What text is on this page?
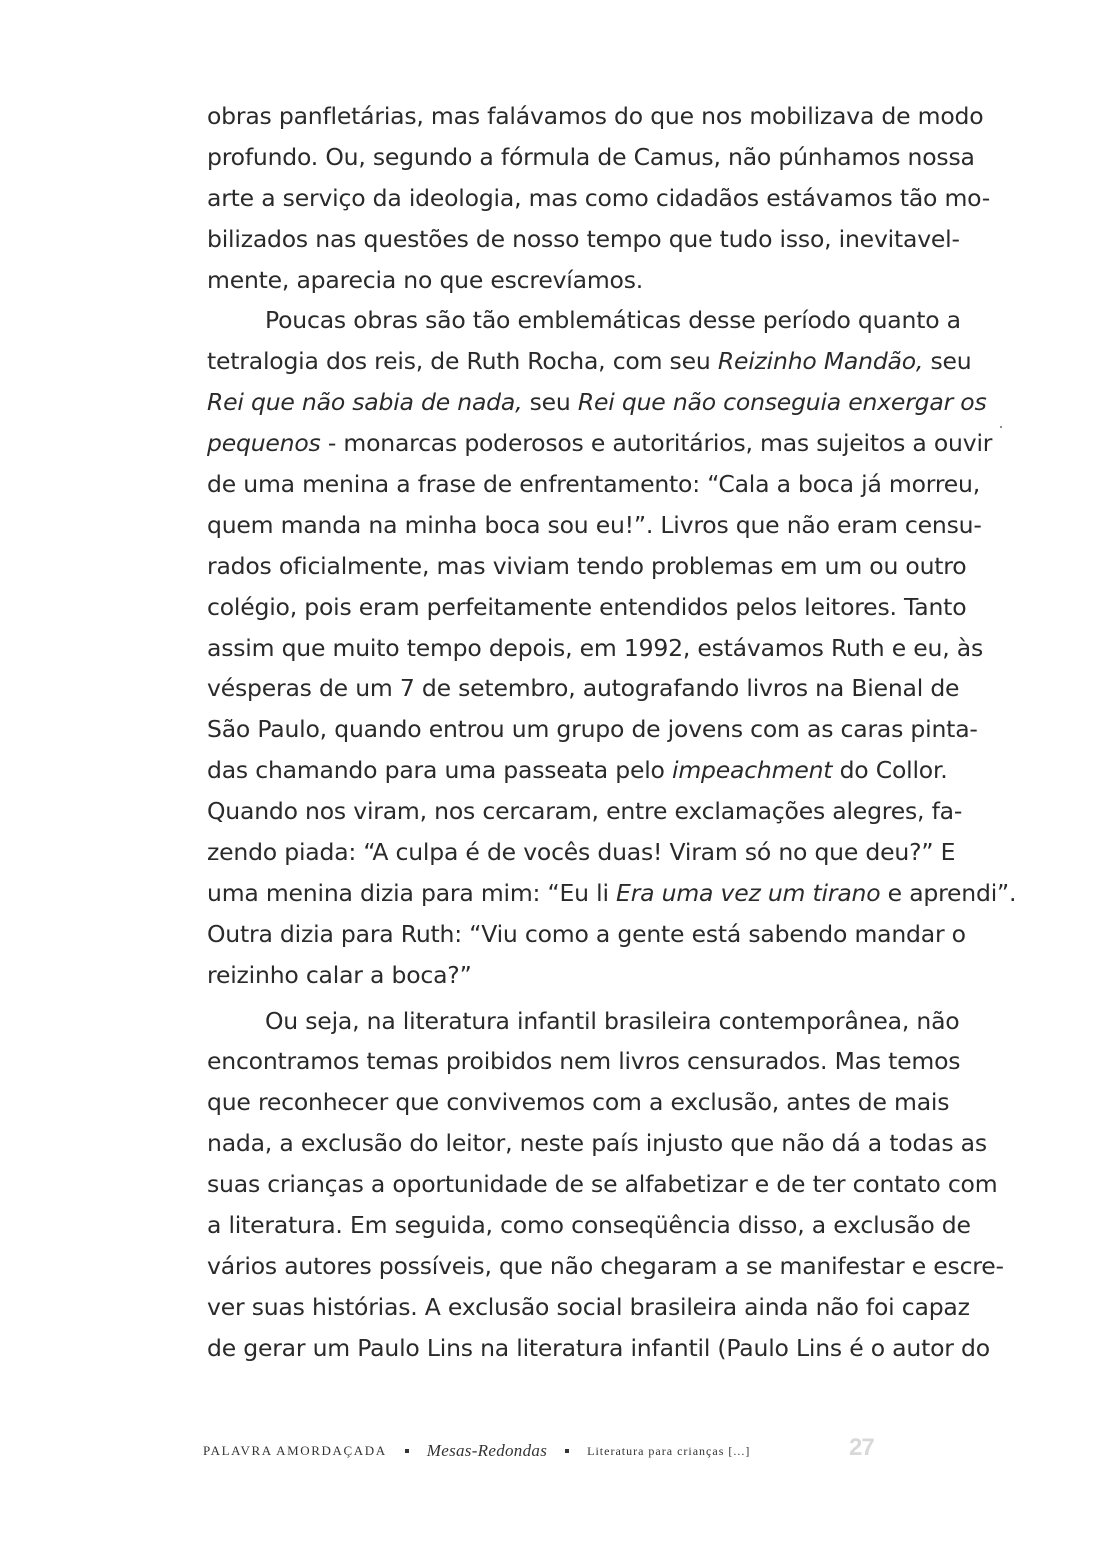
obras panfletárias, mas falávamos do que nos mobilizava de modo
profundo. Ou, segundo a fórmula de Camus, não púnhamos nossa
arte a serviço da ideologia, mas como cidadãos estávamos tão mo-
bilizados nas questões de nosso tempo que tudo isso, inevitavel-
mente, aparecia no que escrevíamos.
Poucas obras são tão emblemáticas desse período quanto a
tetralogia dos reis, de Ruth Rocha, com seu Reizinho Mandão, seu
Rei que não sabia de nada, seu Rei que não conseguia enxergar os
pequenos - monarcas poderosos e autoritários, mas sujeitos a ouvir
de uma menina a frase de enfrentamento: “Cala a boca já morreu,
quem manda na minha boca sou eu!”. Livros que não eram censu-
rados oficialmente, mas viviam tendo problemas em um ou outro
colégio, pois eram perfeitamente entendidos pelos leitores. Tanto
assim que muito tempo depois, em 1992, estávamos Ruth e eu, às
vésperas de um 7 de setembro, autografando livros na Bienal de
São Paulo, quando entrou um grupo de jovens com as caras pinta-
das chamando para uma passeata pelo impeachment do Collor.
Quando nos viram, nos cercaram, entre exclamações alegres, fa-
zendo piada: “A culpa é de vocês duas! Viram só no que deu?” E
uma menina dizia para mim: “Eu li Era uma vez um tirano e aprendi”.
Outra dizia para Ruth: “Viu como a gente está sabendo mandar o
reizinho calar a boca?”
Ou seja, na literatura infantil brasileira contemporânea, não
encontramos temas proibidos nem livros censurados. Mas temos
que reconhecer que convivemos com a exclusão, antes de mais
nada, a exclusão do leitor, neste país injusto que não dá a todas as
suas crianças a oportunidade de se alfabetizar e de ter contato com
a literatura. Em seguida, como conseqüência disso, a exclusão de
vários autores possíveis, que não chegaram a se manifestar e escre-
ver suas histórias. A exclusão social brasileira ainda não foi capaz
de gerar um Paulo Lins na literatura infantil (Paulo Lins é o autor do
PALAVRA AMORDAÇADA Mesas-Redondas	Literatura para crianças [...]	27
